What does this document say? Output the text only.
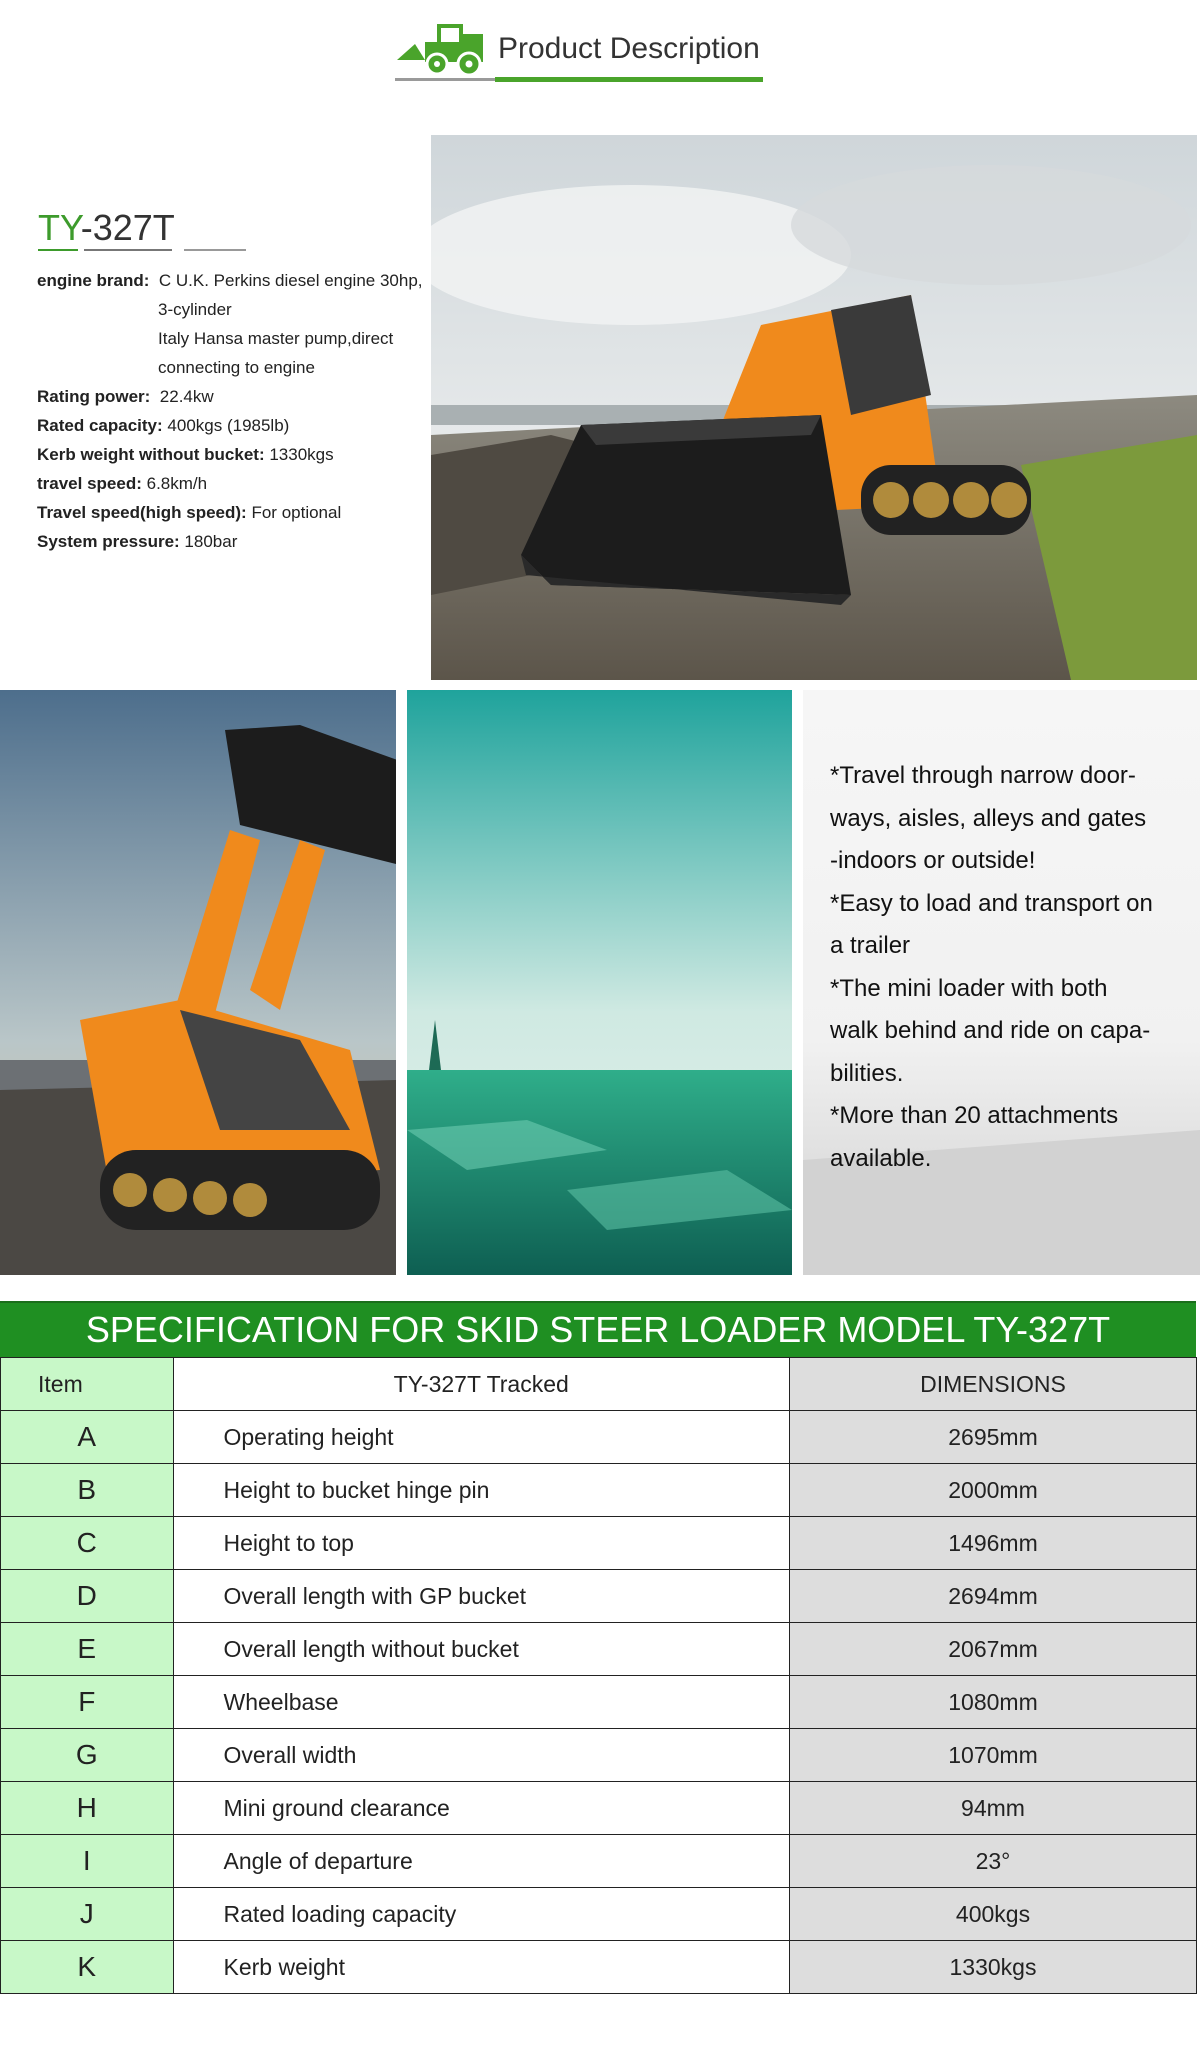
Product Description
TY-327T
engine brand: C U.K. Perkins diesel engine 30hp,
3-cylinder
Italy Hansa master pump,direct
connecting to engine
Rating power: 22.4kw
Rated capacity: 400kgs (1985lb)
Kerb weight without bucket: 1330kgs
travel speed: 6.8km/h
Travel speed(high speed): For optional
System pressure: 180bar
*Travel through narrow door-
ways, aisles, alleys and gates
-indoors or outside!
*Easy to load and transport on
a trailer
*The mini loader with both
walk behind and ride on capa-
bilities.
*More than 20 attachments
available.
SPECIFICATION FOR SKID STEER LOADER MODEL TY-327T
Item	TY-327T Tracked	DIMENSIONS
A	Operating height	2695mm
B	Height to bucket hinge pin	2000mm
C	Height to top	1496mm
D	Overall length with GP bucket	2694mm
E	Overall length without bucket	2067mm
F	Wheelbase	1080mm
G	Overall width	1070mm
H	Mini ground clearance	94mm
I	Angle of departure	23°
J	Rated loading capacity	400kgs
K	Kerb weight	1330kgs
